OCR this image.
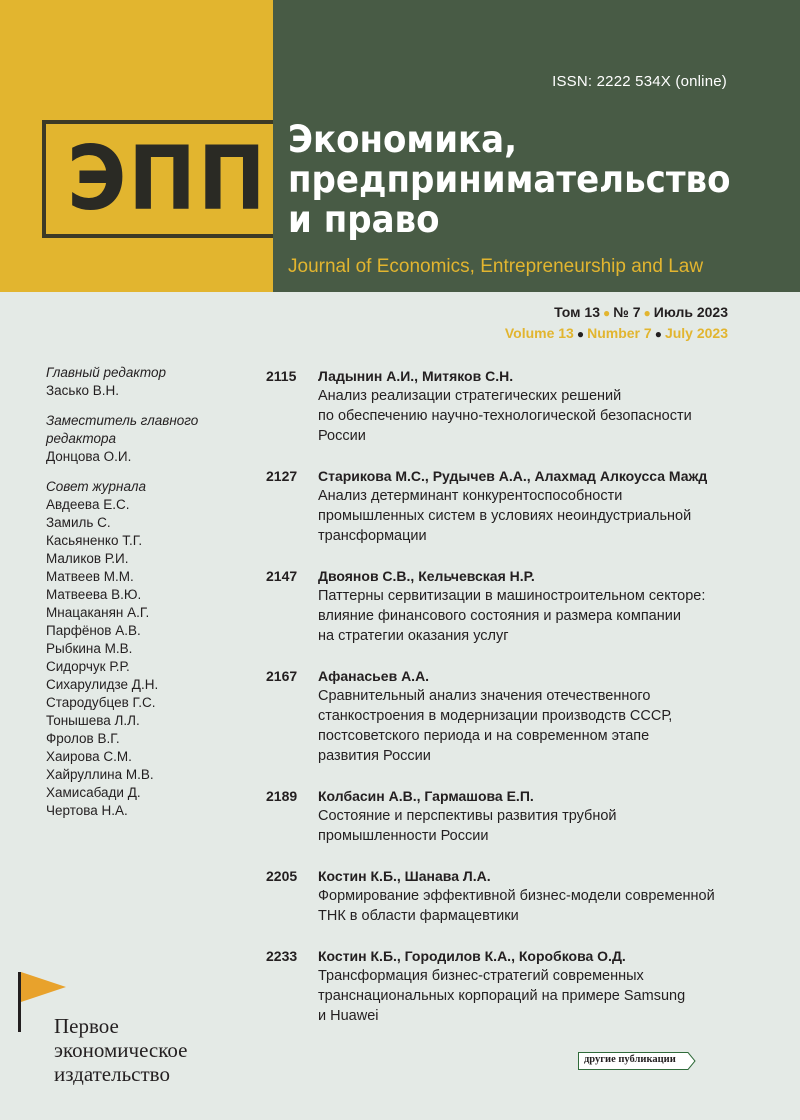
ISSN: 2222 534X (online)
ЭПП Экономика,
предпринимательство
и право
Journal of Economics, Entrepreneurship and Law
Том 13 ● № 7 ● Июль 2023
Volume 13 ● Number 7 ● July 2023
Главный редактор
Засько В.Н.
Заместитель главного редактора
Донцова О.И.
Совет журнала
Авдеева Е.С.
Замиль С.
Касьяненко Т.Г.
Маликов Р.И.
Матвеев М.М.
Матвеева В.Ю.
Мнацаканян А.Г.
Парфёнов А.В.
Рыбкина М.В.
Сидорчук Р.Р.
Сихарулидзе Д.Н.
Стародубцев Г.С.
Тонышева Л.Л.
Фролов В.Г.
Хаирова С.М.
Хайруллина М.В.
Хамисабади Д.
Чертова Н.А.
2115	Ладынин А.И., Митяков С.Н.
Анализ реализации стратегических решений
по обеспечению научно-технологической безопасности
России
2127	Старикова М.С., Рудычев А.А., Алахмад Алкоусса Мажд
Анализ детерминант конкурентоспособности
промышленных систем в условиях неоиндустриальной
трансформации
2147	Двоянов С.В., Кельчевская Н.Р.
Паттерны сервитизации в машиностроительном секторе:
влияние финансового состояния и размера компании
на стратегии оказания услуг
2167	Афанасьев А.А.
Сравнительный анализ значения отечественного
станкостроения в модернизации производств СССР,
постсоветского периода и на современном этапе
развития России
2189	Колбасин А.В., Гармашова Е.П.
Состояние и перспективы развития трубной
промышленности России
2205	Костин К.Б., Шанава Л.А.
Формирование эффективной бизнес-модели современной
ТНК в области фармацевтики
2233	Костин К.Б., Городилов К.А., Коробкова О.Д.
Трансформация бизнес-стратегий современных
транснациональных корпораций на примере Samsung
и Huawei
Первое
экономическое
издательство
другие публикации
